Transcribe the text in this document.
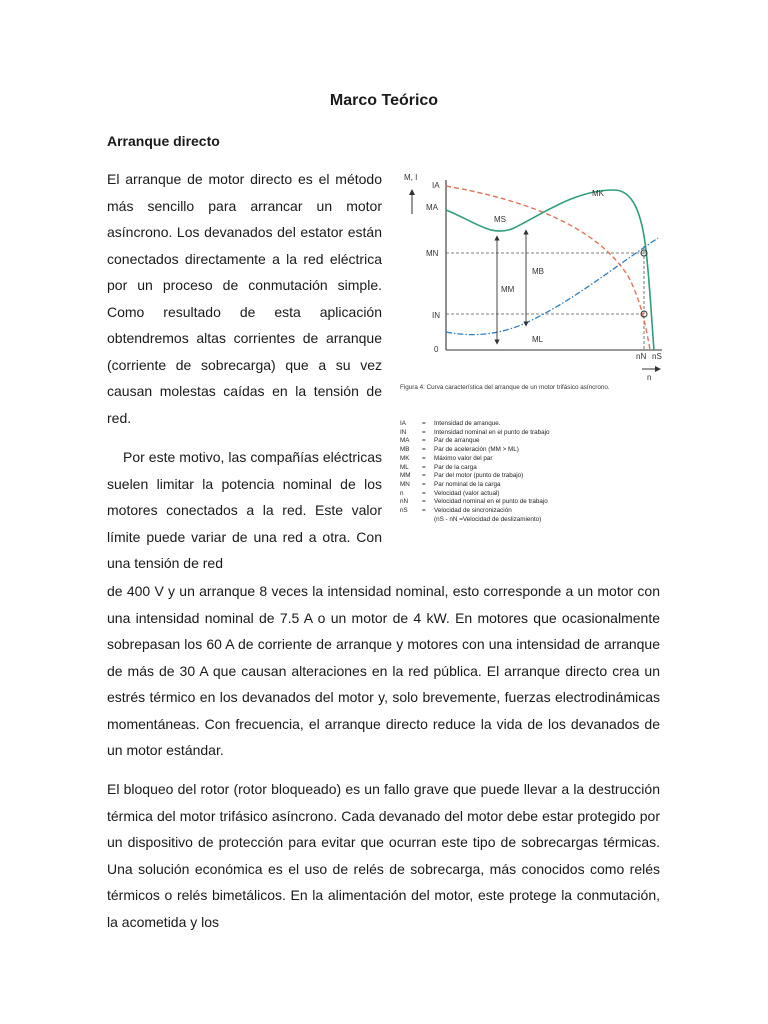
Marco Teórico
Arranque directo

El arranque de motor directo es el método más sencillo para arrancar un motor asíncrono. Los devanados del estator están conectados directamente a la red eléctrica por un proceso de conmutación simple. Como resultado de esta aplicación obtendremos altas corrientes de arranque (corriente de sobrecarga) que a su vez causan molestas caídas en la tensión de red.

Por este motivo, las compañías eléctricas suelen limitar la potencia nominal de los motores conectados a la red. Este valor límite puede variar de una red a otra. Con una tensión de red

de 400 V y un arranque 8 veces la intensidad nominal, esto corresponde a un motor con una intensidad nominal de 7.5 A o un motor de 4 kW. En motores que ocasionalmente sobrepasan los 60 A de corriente de arranque y motores con una intensidad de arranque de más de 30 A que causan alteraciones en la red pública. El arranque directo crea un estrés térmico en los devanados del motor y, solo brevemente, fuerzas electrodinámicas momentáneas. Con frecuencia, el arranque directo reduce la vida de los devanados de un motor estándar.

El bloqueo del rotor (rotor bloqueado) es un fallo grave que puede llevar a la destrucción térmica del motor trifásico asíncrono. Cada devanado del motor debe estar protegido por un dispositivo de protección para evitar que ocurran este tipo de sobrecargas térmicas. Una solución económica es el uso de relés de sobrecarga, más conocidos como relés térmicos o relés bimetálicos. En la alimentación del motor, este protege la conmutación, la acometida y los

M, I
IA
MA
MK
MS
MN
MB
MM
IN
ML
0
nN nS
n
Figura 4: Curva característica del arranque de un motor trifásico asíncrono.
IA	= Intensidad de arranque.
IN = Intensidad nominal en el punto de trabajo
MA = Par de arranque
MB = Par de aceleración (MM > ML)
MK = Máximo valor del par
ML = Par de la carga
MM = Par del motor (punto de trabajo)
MN = Par nominal de la carga
n	= Velocidad (valor actual)
nN = Velocidad nominal en el punto de trabajo
nS = Velocidad de sincronización
(nS - nN =Velocidad de deslizamiento)
